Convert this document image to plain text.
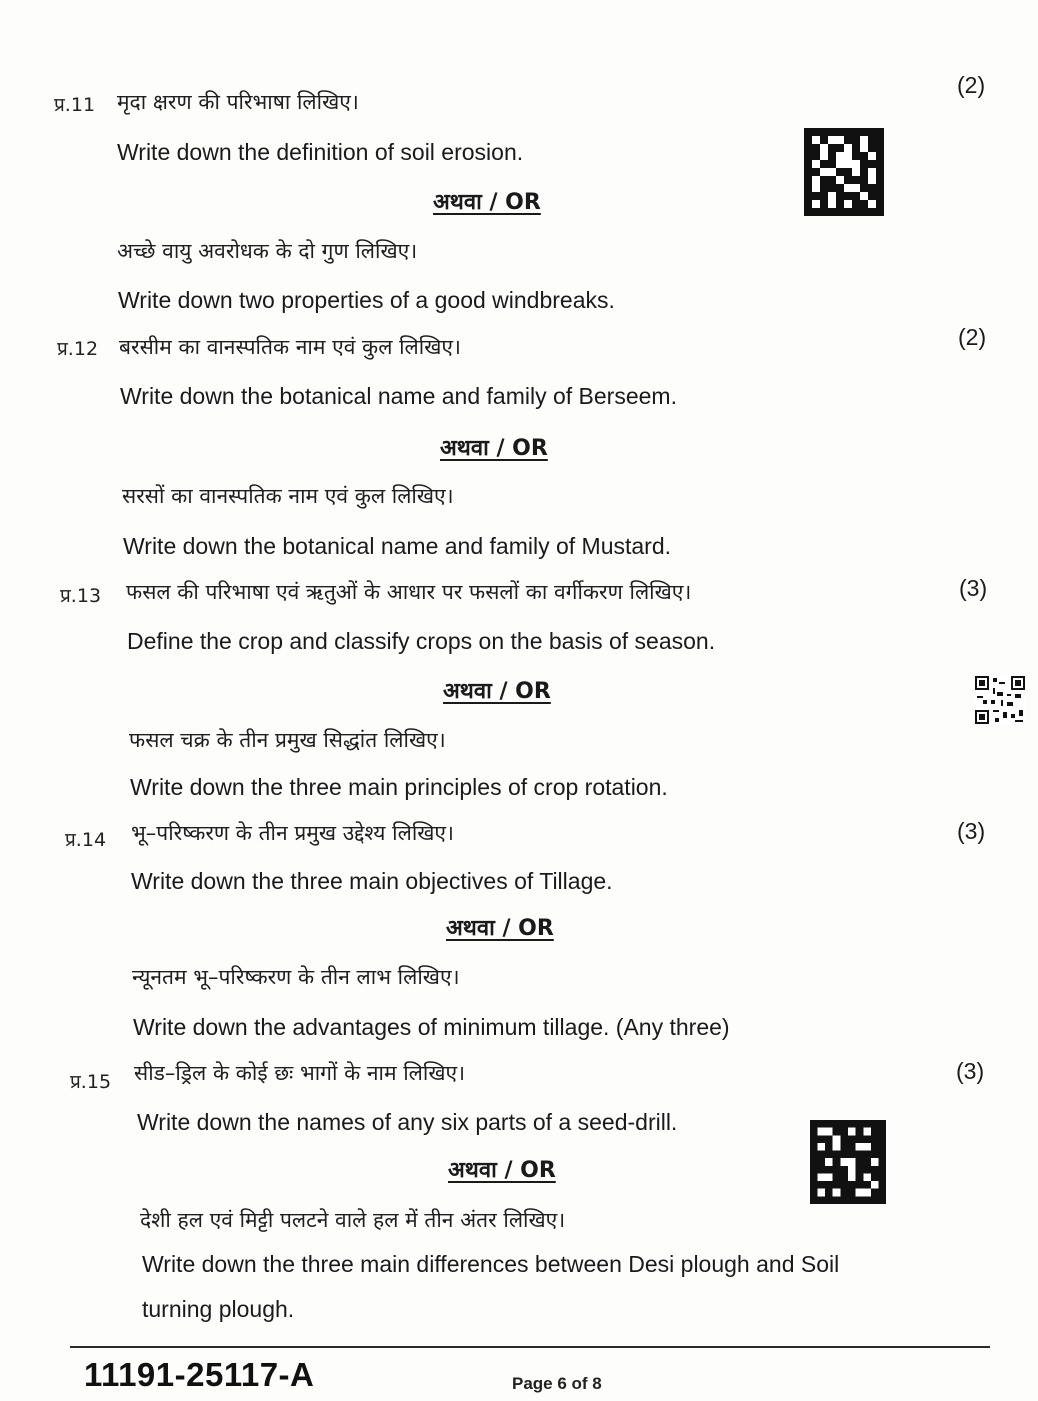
प्र.11 मृदा क्षरण की परिभाषा लिखिए।
(2)
Write down the definition of soil erosion.
अथवा / OR
अच्छे वायु अवरोधक के दो गुण लिखिए।
Write down two properties of a good windbreaks.
प्र.12 बरसीम का वानस्पतिक नाम एवं कुल लिखिए।	(2)
Write down the botanical name and family of Berseem.
अथवा / OR
सरसों का वानस्पतिक नाम एवं कुल लिखिए।
Write down the botanical name and family of Mustard.
प्र.13 फसल की परिभाषा एवं ऋतुओं के आधार पर फसलों का वर्गीकरण लिखिए।	(3)
Define the crop and classify crops on the basis of season.
अथवा / OR
फसल चक्र के तीन प्रमुख सिद्धांत लिखिए।
Write down the three main principles of crop rotation.
प्र.14 भू–परिष्करण के तीन प्रमुख उद्देश्य लिखिए।	(3)
Write down the three main objectives of Tillage.
अथवा / OR
न्यूनतम भू–परिष्करण के तीन लाभ लिखिए।
Write down the advantages of minimum tillage. (Any three)
प्र.15 सीड–ड्रिल के कोई छः भागों के नाम लिखिए।	(3)
Write down the names of any six parts of a seed-drill.
अथवा / OR
देशी हल एवं मिट्टी पलटने वाले हल में तीन अंतर लिखिए।
Write down the three main differences between Desi plough and Soil
turning plough.
11191-25117-A	Page 6 of 8
